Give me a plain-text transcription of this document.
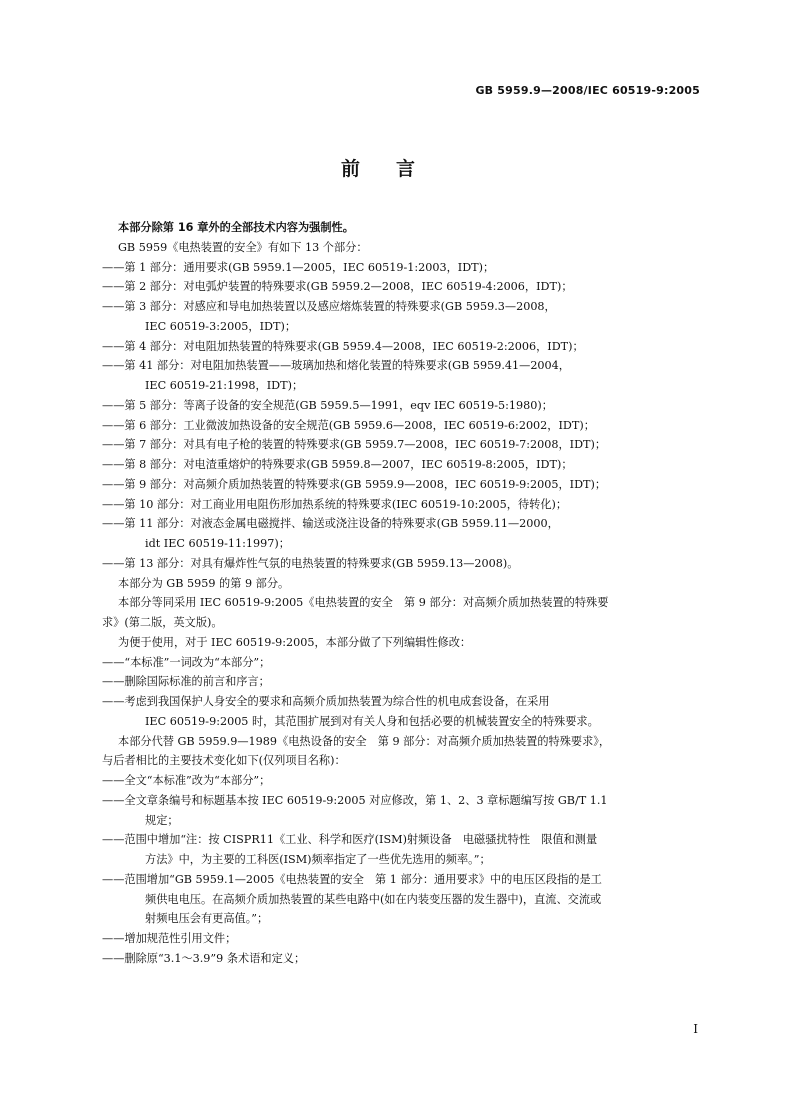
GB 5959.9—2008/IEC 60519-9:2005
前言
本部分除第 16 章外的全部技术内容为强制性。
GB 5959《电热装置的安全》有如下 13 个部分：
——第 1 部分：通用要求(GB 5959.1—2005，IEC 60519-1:2003，IDT)；
——第 2 部分：对电弧炉装置的特殊要求(GB 5959.2—2008，IEC 60519-4:2006，IDT)；
——第 3 部分：对感应和导电加热装置以及感应熔炼装置的特殊要求(GB 5959.3—2008，
IEC 60519-3:2005，IDT)；
——第 4 部分：对电阻加热装置的特殊要求(GB 5959.4—2008，IEC 60519-2:2006，IDT)；
——第 41 部分：对电阻加热装置——玻璃加热和熔化装置的特殊要求(GB 5959.41—2004，
IEC 60519-21:1998，IDT)；
——第 5 部分：等离子设备的安全规范(GB 5959.5—1991，eqv IEC 60519-5:1980)；
——第 6 部分：工业微波加热设备的安全规范(GB 5959.6—2008，IEC 60519-6:2002，IDT)；
——第 7 部分：对具有电子枪的装置的特殊要求(GB 5959.7—2008，IEC 60519-7:2008，IDT)；
——第 8 部分：对电渣重熔炉的特殊要求(GB 5959.8—2007，IEC 60519-8:2005，IDT)；
——第 9 部分：对高频介质加热装置的特殊要求(GB 5959.9—2008，IEC 60519-9:2005，IDT)；
——第 10 部分：对工商业用电阻伤形加热系统的特殊要求(IEC 60519-10:2005，待转化)；
——第 11 部分：对液态金属电磁搅拌、输送或浇注设备的特殊要求(GB 5959.11—2000，
idt IEC 60519-11:1997)；
——第 13 部分：对具有爆炸性气氛的电热装置的特殊要求(GB 5959.13—2008)。
本部分为 GB 5959 的第 9 部分。
本部分等同采用 IEC 60519-9:2005《电热装置的安全　第 9 部分：对高频介质加热装置的特殊要
求》(第二版，英文版)。
为便于使用，对于 IEC 60519-9:2005，本部分做了下列编辑性修改：
——“本标准”一词改为“本部分”；
——删除国际标准的前言和序言；
——考虑到我国保护人身安全的要求和高频介质加热装置为综合性的机电成套设备，在采用
IEC 60519-9:2005 时，其范围扩展到对有关人身和包括必要的机械装置安全的特殊要求。
本部分代替 GB 5959.9—1989《电热设备的安全　第 9 部分：对高频介质加热装置的特殊要求》，
与后者相比的主要技术变化如下(仅列项目名称)：
——全文“本标准”改为“本部分”；
——全文章条编号和标题基本按 IEC 60519-9:2005 对应修改，第 1、2、3 章标题编写按 GB/T 1.1
规定；
——范围中增加“注：按 CISPR11《工业、科学和医疗(ISM)射频设备　电磁骚扰特性　限值和测量
方法》中，为主要的工科医(ISM)频率指定了一些优先选用的频率。”；
——范围增加“GB 5959.1—2005《电热装置的安全　第 1 部分：通用要求》中的电压区段指的是工
频供电电压。在高频介质加热装置的某些电路中(如在内装变压器的发生器中)，直流、交流或
射频电压会有更高值。”；
——增加规范性引用文件；
——删除原“3.1～3.9”9 条术语和定义；
I
